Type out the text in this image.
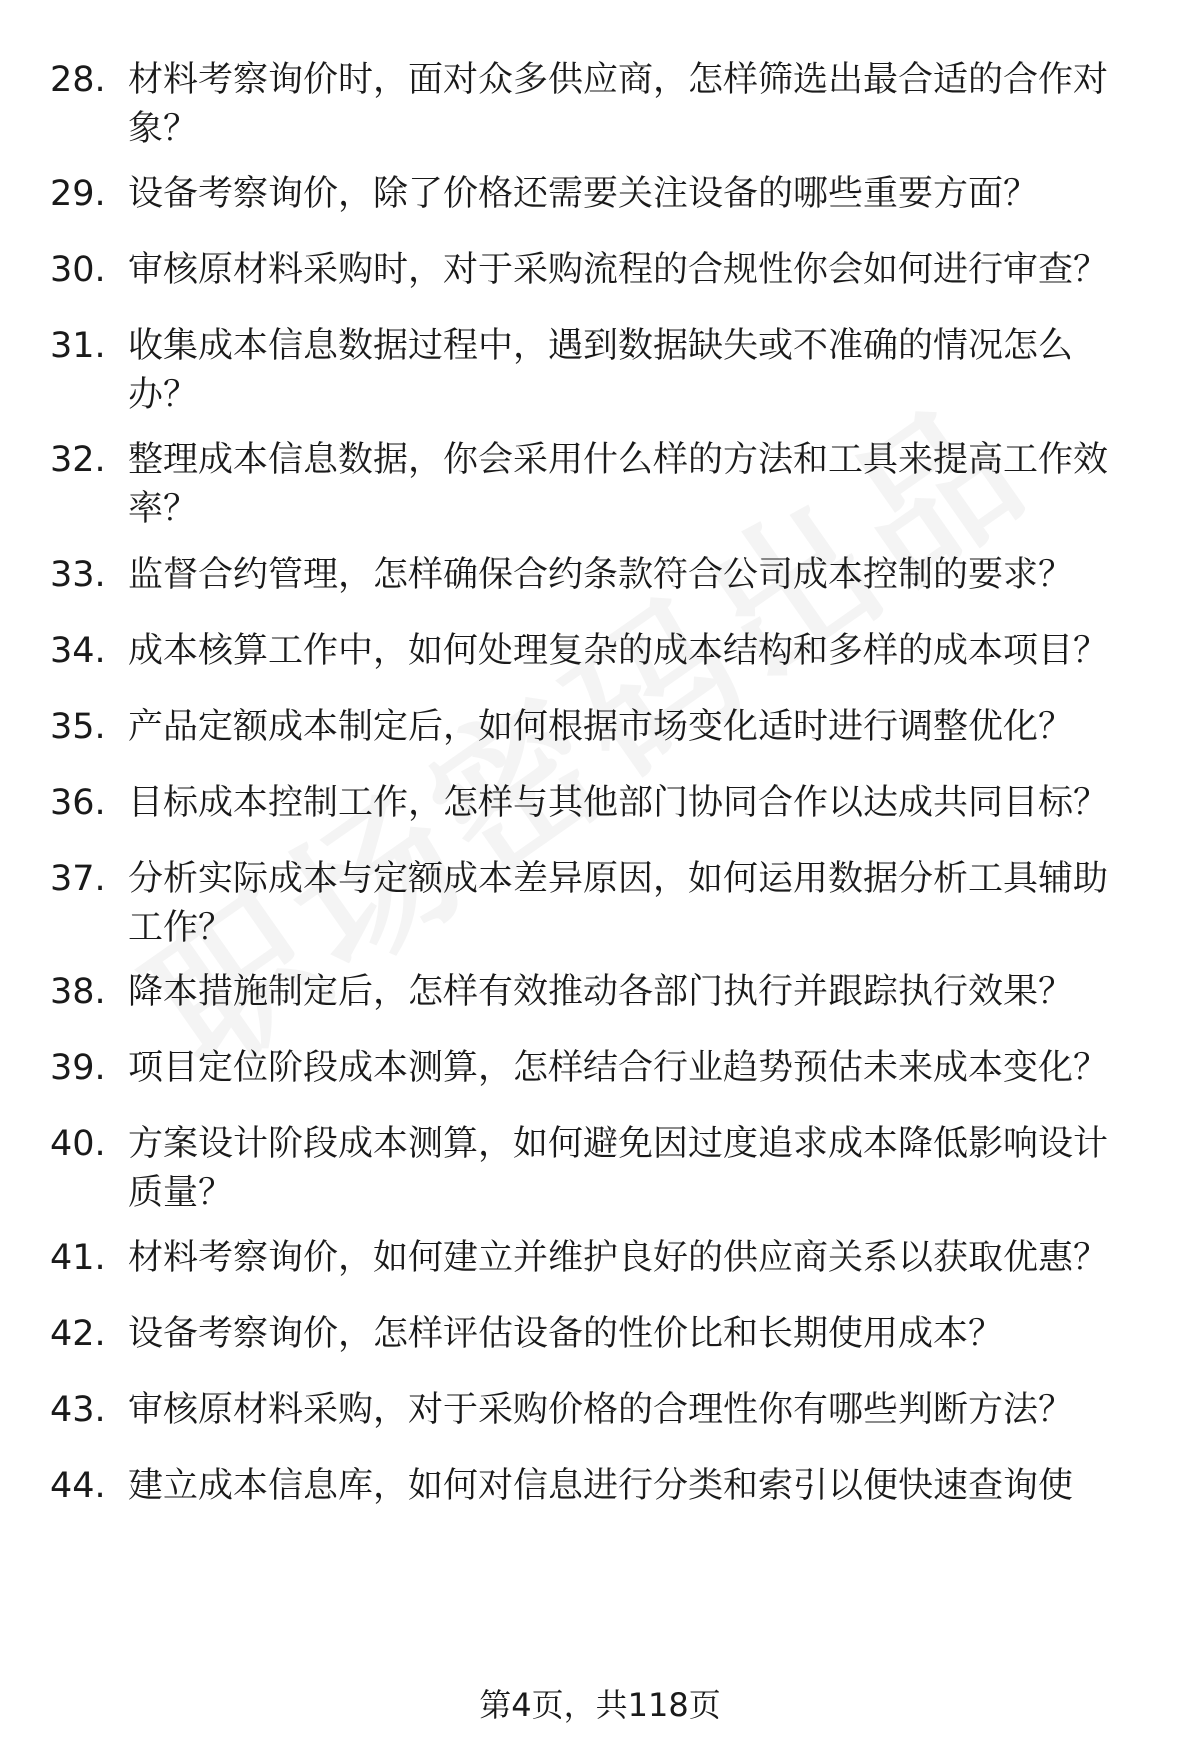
28. 材料考察询价时，面对众多供应商，怎样筛选出最合适的合作对
象？
29. 设备考察询价，除了价格还需要关注设备的哪些重要方面？
30. 审核原材料采购时，对于采购流程的合规性你会如何进行审查？
31. 收集成本信息数据过程中，遇到数据缺失或不准确的情况怎么
办？
32. 整理成本信息数据，你会采用什么样的方法和工具来提高工作效
率？
33. 监督合约管理，怎样确保合约条款符合公司成本控制的要求？
34. 成本核算工作中，如何处理复杂的成本结构和多样的成本项目？
35. 产品定额成本制定后，如何根据市场变化适时进行调整优化？
36. 目标成本控制工作，怎样与其他部门协同合作以达成共同目标？
37. 分析实际成本与定额成本差异原因，如何运用数据分析工具辅助
工作？
38. 降本措施制定后，怎样有效推动各部门执行并跟踪执行效果？
39. 项目定位阶段成本测算，怎样结合行业趋势预估未来成本变化？
40. 方案设计阶段成本测算，如何避免因过度追求成本降低影响设计
质量？
41. 材料考察询价，如何建立并维护良好的供应商关系以获取优惠？
42. 设备考察询价，怎样评估设备的性价比和长期使用成本？
43. 审核原材料采购，对于采购价格的合理性你有哪些判断方法？
44. 建立成本信息库，如何对信息进行分类和索引以便快速查询使
第4页，共118页
